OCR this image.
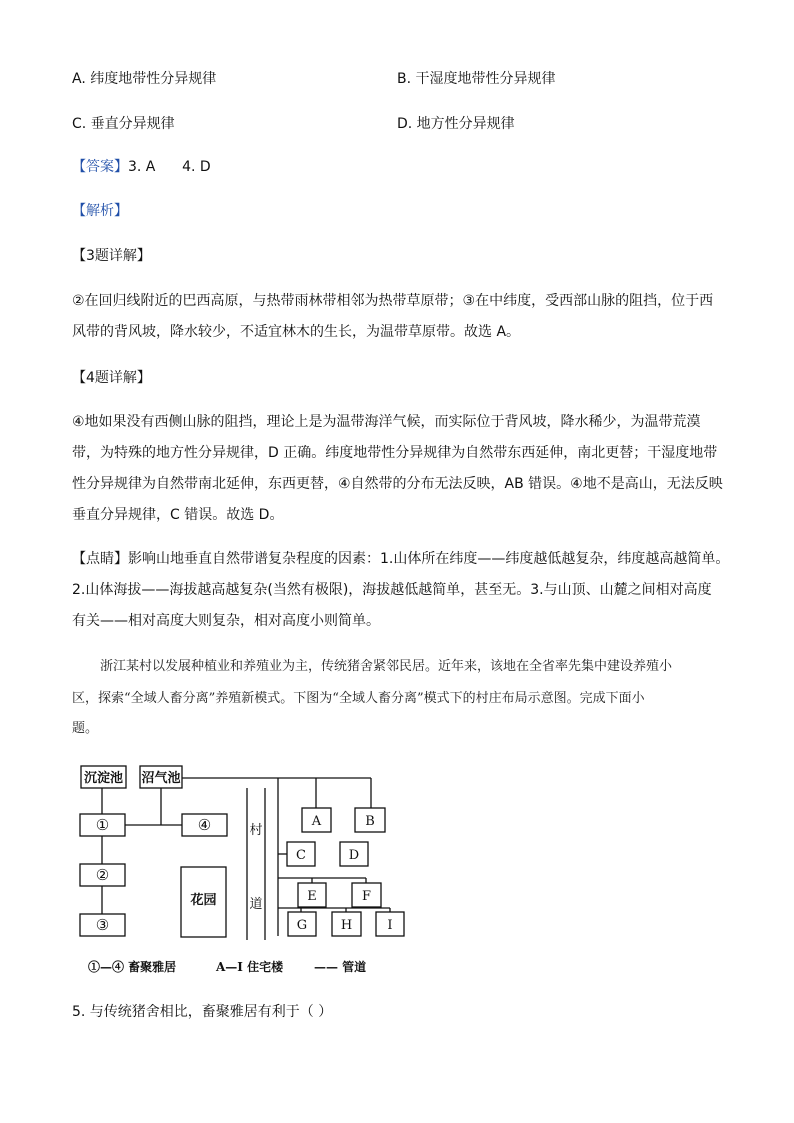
A. 纬度地带性分异规律	B. 干湿度地带性分异规律
C. 垂直分异规律	D. 地方性分异规律
【答案】3. A      4. D
【解析】
【3题详解】
②在回归线附近的巴西高原，与热带雨林带相邻为热带草原带；③在中纬度，受西部山脉的阻挡，位于西
风带的背风坡，降水较少，不适宜林木的生长，为温带草原带。故选 A。
【4题详解】
④地如果没有西侧山脉的阻挡，理论上是为温带海洋气候，而实际位于背风坡，降水稀少，为温带荒漠
带，为特殊的地方性分异规律，D 正确。纬度地带性分异规律为自然带东西延伸，南北更替；干湿度地带
性分异规律为自然带南北延伸，东西更替，④自然带的分布无法反映，AB 错误。④地不是高山，无法反映
垂直分异规律，C 错误。故选 D。
【点睛】影响山地垂直自然带谱复杂程度的因素：1.山体所在纬度——纬度越低越复杂，纬度越高越简单。
2.山体海拔——海拔越高越复杂(当然有极限)，海拔越低越简单，甚至无。3.与山顶、山麓之间相对高度
有关——相对高度大则复杂，相对高度小则简单。
浙江某村以发展种植业和养殖业为主，传统猪舍紧邻民居。近年来，该地在全省率先集中建设养殖小
区，探索“全域人畜分离”养殖新模式。下图为“全域人畜分离”模式下的村庄布局示意图。完成下面小
题。
沉淀池 沼气池
①
②
③
④
花园
村
道
A	B
C	D
E	F
G	H	I
①—④ 畜聚雅居	A—I 住宅楼	—— 管道
5. 与传统猪舍相比，畜聚雅居有利于（ ）
